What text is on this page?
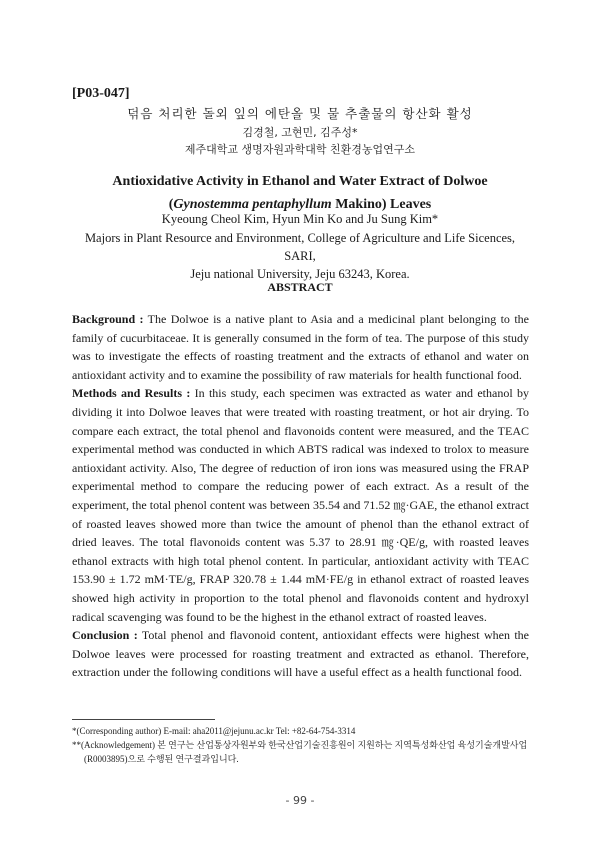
[P03-047]
덖음 처리한 돌외 잎의 에탄올 및 물 추출물의 항산화 활성
김경철, 고현민, 김주성*
제주대학교 생명자원과학대학 친환경농업연구소
Antioxidative Activity in Ethanol and Water Extract of Dolwoe (Gynostemma pentaphyllum Makino) Leaves
Kyeoung Cheol Kim, Hyun Min Ko and Ju Sung Kim*
Majors in Plant Resource and Environment, College of Agriculture and Life Sicences, SARI,
Jeju national University, Jeju 63243, Korea.
ABSTRACT

Background : The Dolwoe is a native plant to Asia and a medicinal plant belonging to the family of cucurbitaceae. It is generally consumed in the form of tea. The purpose of this study was to investigate the effects of roasting treatment and the extracts of ethanol and water on antioxidant activity and to examine the possibility of raw materials for health functional food.

Methods and Results : In this study, each specimen was extracted as water and ethanol by dividing it into Dolwoe leaves that were treated with roasting treatment, or hot air drying. To compare each extract, the total phenol and flavonoids content were measured, and the TEAC experimental method was conducted in which ABTS radical was indexed to trolox to measure antioxidant activity. Also, The degree of reduction of iron ions was measured using the FRAP experimental method to compare the reducing power of each extract. As a result of the experiment, the total phenol content was between 35.54 and 71.52 ㎎·GAE, the ethanol extract of roasted leaves showed more than twice the amount of phenol than the ethanol extract of dried leaves. The total flavonoids content was 5.37 to 28.91 ㎎·QE/g, with roasted leaves ethanol extracts with high total phenol content. In particular, antioxidant activity with TEAC 153.90 ± 1.72 mM·TE/g, FRAP 320.78 ± 1.44 mM·FE/g in ethanol extract of roasted leaves showed high activity in proportion to the total phenol and flavonoids content and hydroxyl radical scavenging was found to be the highest in the ethanol extract of roasted leaves.

Conclusion : Total phenol and flavonoid content, antioxidant effects were highest when the Dolwoe leaves were processed for roasting treatment and extracted as ethanol. Therefore, extraction under the following conditions will have a useful effect as a health functional food.

*(Corresponding author) E-mail: aha2011@jejunu.ac.kr Tel: +82-64-754-3314

**(Acknowledgement) 본 연구는 산업통상자원부와 한국산업기술진흥원이 지원하는 지역특성화산업 육성기술개발사업

(R0003895)으로 수행된 연구결과입니다.

- 99 -
